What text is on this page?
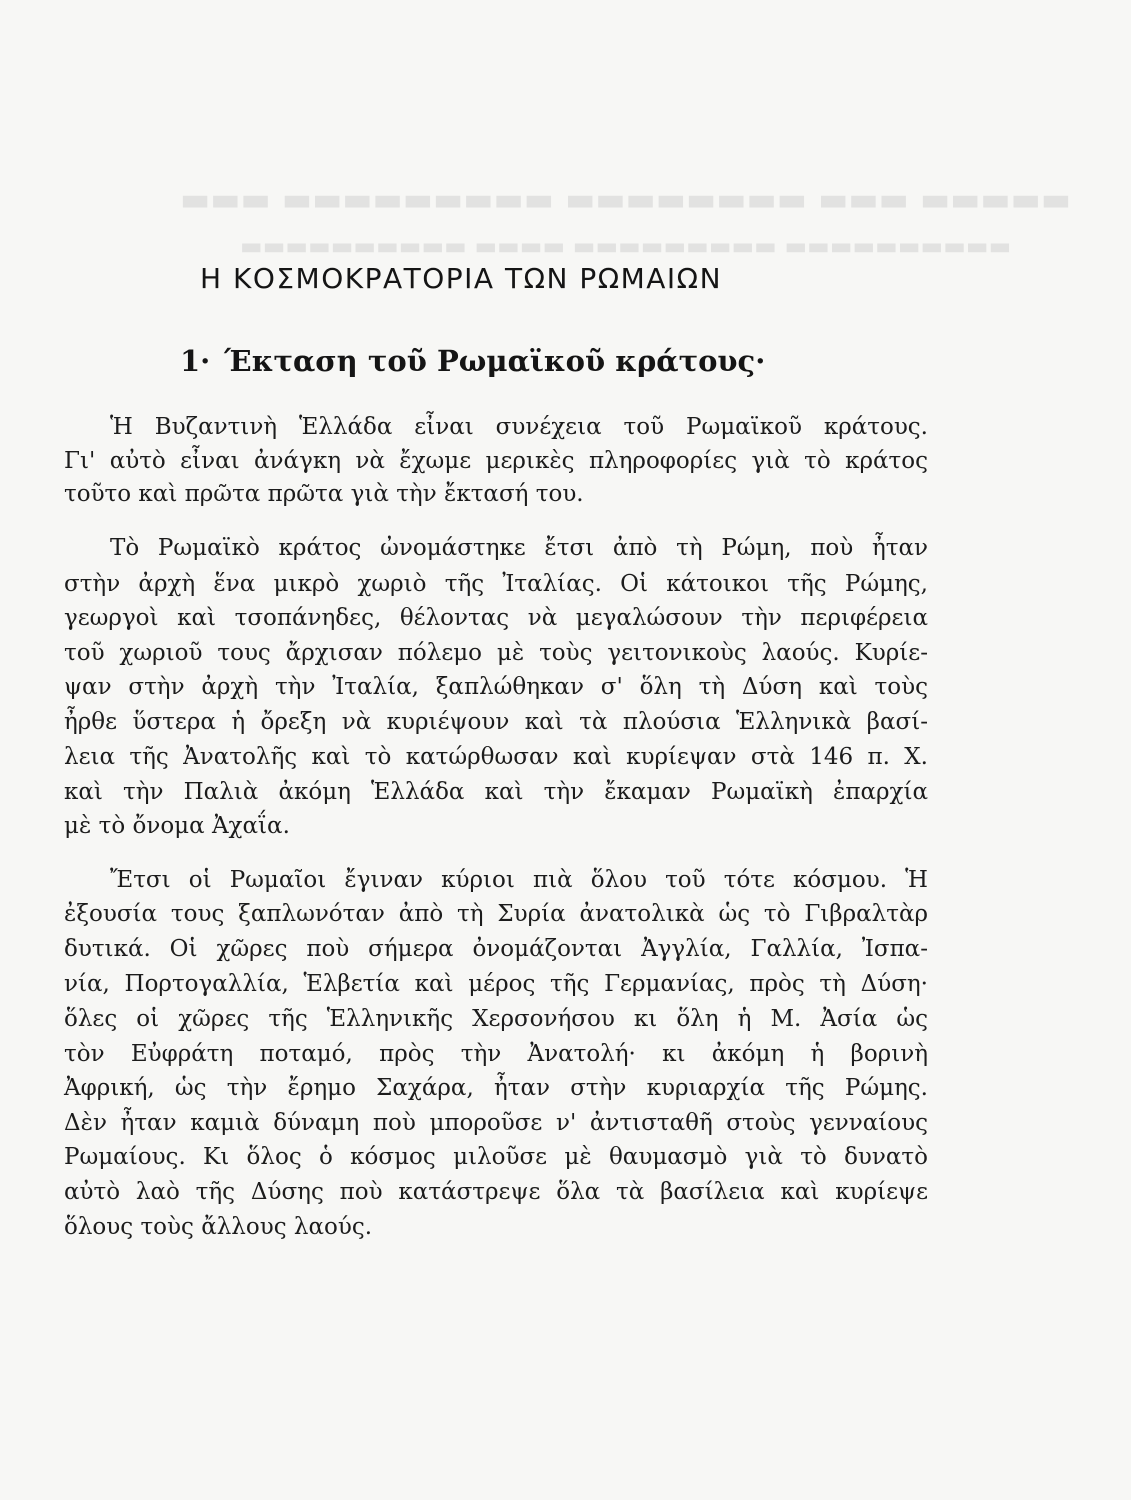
▬▬▬▬▬ ▬▬▬ ▬▬▬▬▬▬▬▬ ▬▬▬▬▬▬▬▬▬ ▬▬▬
▬▬▬▬▬▬▬▬▬▬ ▬▬▬▬▬▬▬▬▬ ▬▬▬▬ ▬▬▬▬▬▬▬▬▬▬
Η ΚΟΣΜΟΚΡΑΤΟΡΙΑ ΤΩΝ ΡΩΜΑΙΩΝ
1· Έκταση τοῦ Ρωμαϊκοῦ κράτους·
Ἡ Βυζαντινὴ Ἑλλάδα εἶναι συνέχεια τοῦ Ρωμαϊκοῦ κράτους.
Γι' αὐτὸ εἶναι ἀνάγκη νὰ ἔχωμε μερικὲς πληροφορίες γιὰ τὸ κράτος
τοῦτο καὶ πρῶτα πρῶτα γιὰ τὴν ἔκτασή του.
Τὸ Ρωμαϊκὸ κράτος ὠνομάστηκε ἔτσι ἀπὸ τὴ Ρώμη, ποὺ ἦταν
στὴν ἀρχὴ ἕνα μικρὸ χωριὸ τῆς Ἰταλίας. Οἱ κάτοικοι τῆς Ρώμης,
γεωργοὶ καὶ τσοπάνηδες, θέλοντας νὰ μεγαλώσουν τὴν περιφέρεια
τοῦ χωριοῦ τους ἄρχισαν πόλεμο μὲ τοὺς γειτονικοὺς λαούς. Κυρίε-
ψαν στὴν ἀρχὴ τὴν Ἰταλία, ξαπλώθηκαν σ' ὅλη τὴ Δύση καὶ τοὺς
ἦρθε ὕστερα ἡ ὄρεξη νὰ κυριέψουν καὶ τὰ πλούσια Ἑλληνικὰ βασί-
λεια τῆς Ἀνατολῆς καὶ τὸ κατώρθωσαν καὶ κυρίεψαν στὰ 146 π. Χ.
καὶ τὴν Παλιὰ ἀκόμη Ἑλλάδα καὶ τὴν ἔκαμαν Ρωμαϊκὴ ἐπαρχία
μὲ τὸ ὄνομα Ἀχαΐα.
Ἔτσι οἱ Ρωμαῖοι ἔγιναν κύριοι πιὰ ὅλου τοῦ τότε κόσμου. Ἡ
ἐξουσία τους ξαπλωνόταν ἀπὸ τὴ Συρία ἀνατολικὰ ὡς τὸ Γιβραλτὰρ
δυτικά. Οἱ χῶρες ποὺ σήμερα ὀνομάζονται Ἀγγλία, Γαλλία, Ἰσπα-
νία, Πορτογαλλία, Ἑλβετία καὶ μέρος τῆς Γερμανίας, πρὸς τὴ Δύση·
ὅλες οἱ χῶρες τῆς Ἑλληνικῆς Χερσονήσου κι ὅλη ἡ Μ. Ἀσία ὡς
τὸν Εὐφράτη ποταμό, πρὸς τὴν Ἀνατολή· κι ἀκόμη ἡ βορινὴ
Ἀφρική, ὡς τὴν ἔρημο Σαχάρα, ἦταν στὴν κυριαρχία τῆς Ρώμης.
Δὲν ἦταν καμιὰ δύναμη ποὺ μποροῦσε ν' ἀντισταθῆ στοὺς γενναίους
Ρωμαίους. Κι ὅλος ὁ κόσμος μιλοῦσε μὲ θαυμασμὸ γιὰ τὸ δυνατὸ
αὐτὸ λαὸ τῆς Δύσης ποὺ κατάστρεψε ὅλα τὰ βασίλεια καὶ κυρίεψε
ὅλους τοὺς ἄλλους λαούς.
